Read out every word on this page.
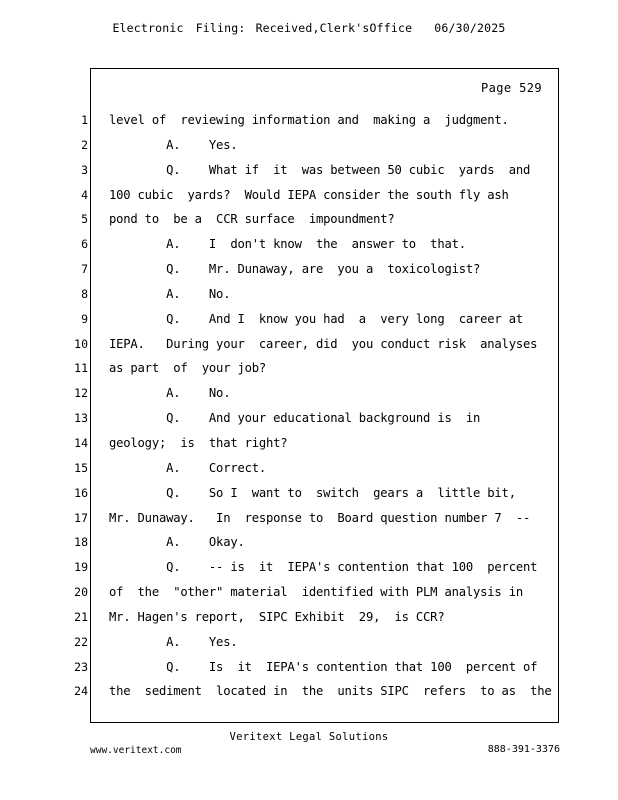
Electronic Filing: Received,Clerk'sOffice 06/30/2025
Page 529
1
2
3
4
5
6
7
8
9
10
11
12
13
14
15
16
17
18
19
20
21
22
23
24
level of  reviewing information and  making a  judgment.
A.    Yes.
Q.    What if  it  was between 50 cubic  yards  and
100 cubic  yards?  Would IEPA consider the south fly ash
pond to  be a  CCR surface  impoundment?
A.    I  don't know  the  answer to  that.
Q.    Mr. Dunaway, are  you a  toxicologist?
A.    No.
Q.    And I  know you had  a  very long  career at
IEPA.   During your  career, did  you conduct risk  analyses
as part  of  your job?
A.    No.
Q.    And your educational background is  in
geology;  is  that right?
A.    Correct.
Q.    So I  want to  switch  gears a  little bit,
Mr. Dunaway.   In  response to  Board question number 7  --
A.    Okay.
Q.    -- is  it  IEPA's contention that 100  percent
of  the  "other" material  identified with PLM analysis in
Mr. Hagen's report,  SIPC Exhibit  29,  is CCR?
A.    Yes.
Q.    Is  it  IEPA's contention that 100  percent of
the  sediment  located in  the  units SIPC  refers  to as  the
Veritext Legal Solutions
www.veritext.com	888-391-3376
